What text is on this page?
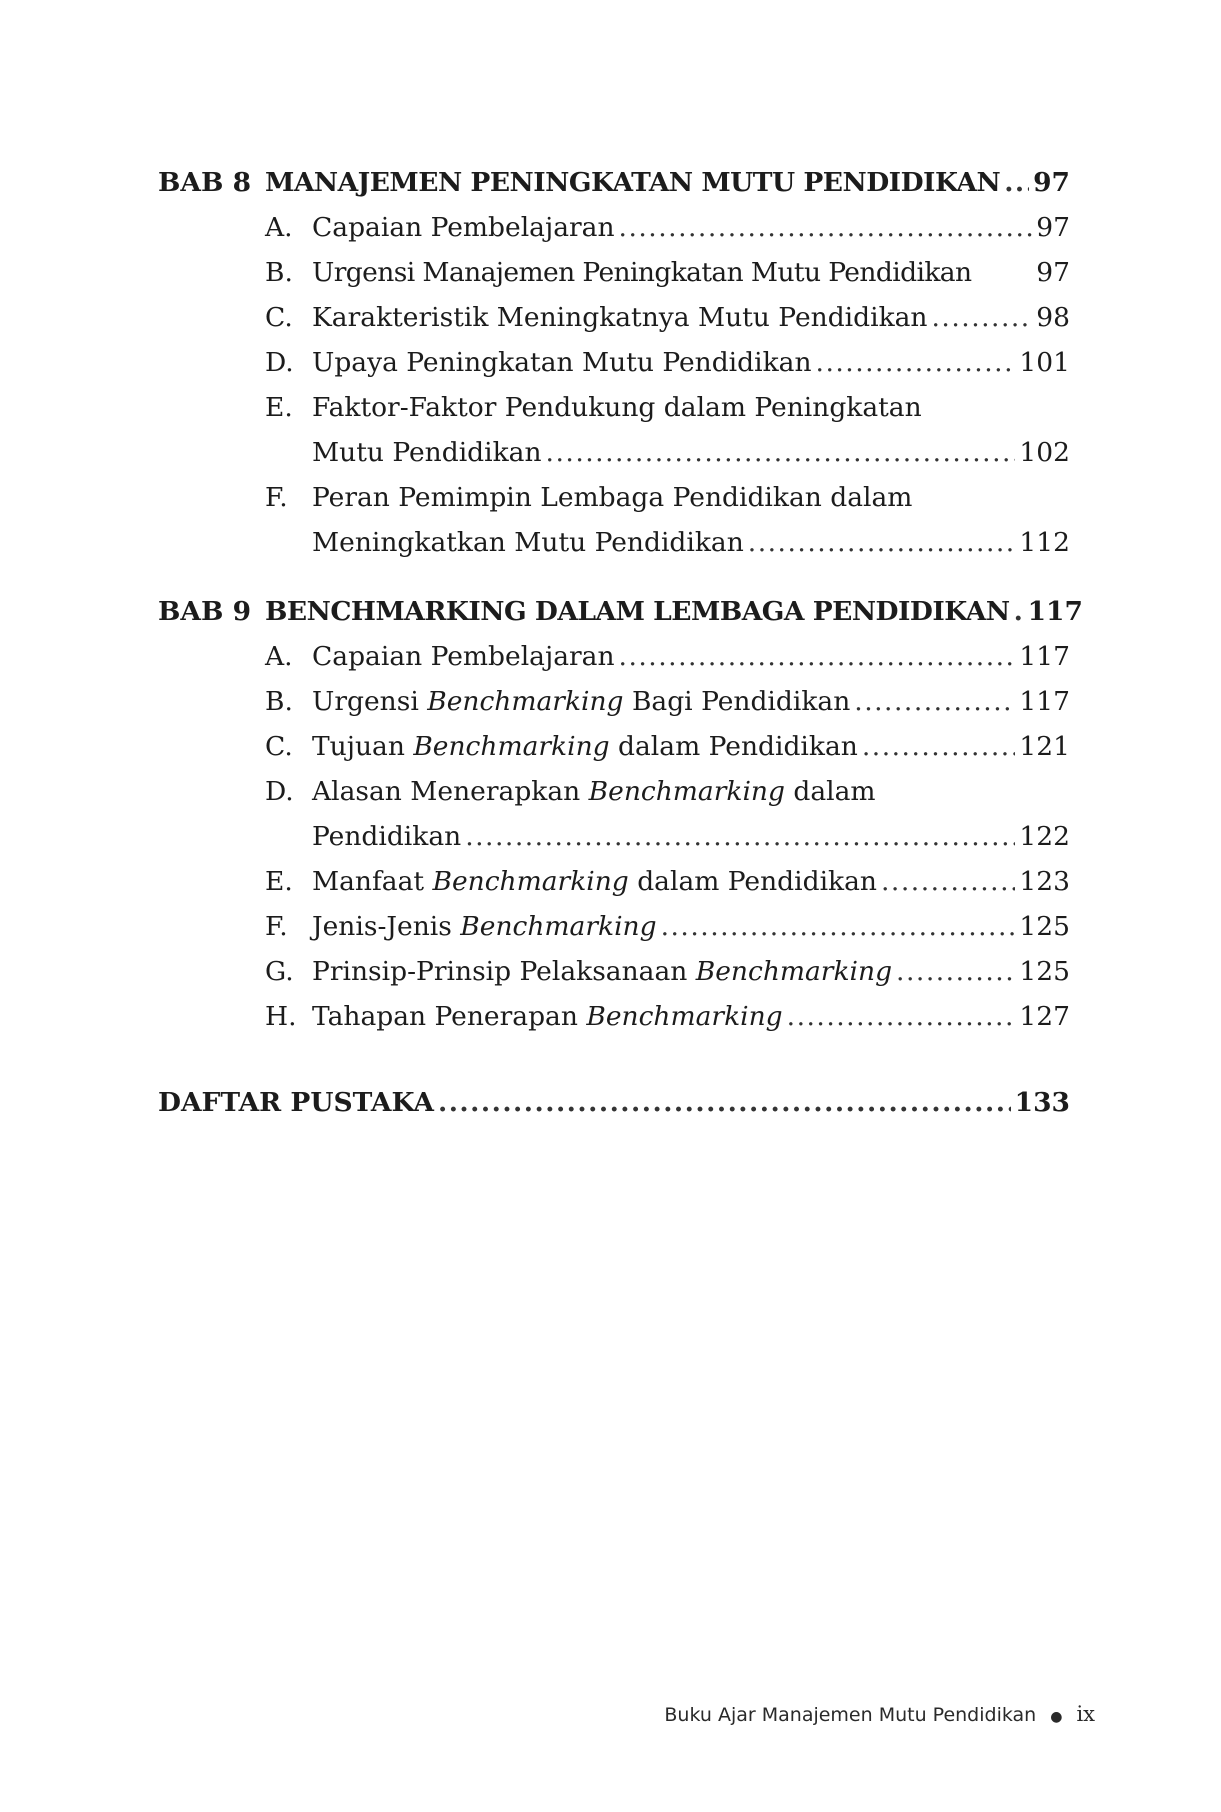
BAB 8 MANAJEMEN PENINGKATAN MUTU PENDIDIKAN ..... 97
A. Capaian Pembelajaran .....	97
B. Urgensi Manajemen Peningkatan Mutu Pendidikan 97
C. Karakteristik Meningkatnya Mutu Pendidikan .....	98
D. Upaya Peningkatan Mutu Pendidikan .....	101
E. Faktor-Faktor Pendukung dalam Peningkatan
Mutu Pendidikan .....	102
F. Peran Pemimpin Lembaga Pendidikan dalam
Meningkatkan Mutu Pendidikan .....	112
BAB 9 BENCHMARKING DALAM LEMBAGA PENDIDIKAN ..... 117
A. Capaian Pembelajaran .....	117
B. Urgensi Benchmarking Bagi Pendidikan .....	117
C. Tujuan Benchmarking dalam Pendidikan .....	121
D. Alasan Menerapkan Benchmarking dalam
Pendidikan .....	122
E. Manfaat Benchmarking dalam Pendidikan .....	123
F. Jenis-Jenis Benchmarking .....	125
G. Prinsip-Prinsip Pelaksanaan Benchmarking .....	125
H. Tahapan Penerapan Benchmarking .....	127
DAFTAR PUSTAKA .....	133
Buku Ajar Manajemen Mutu Pendidikan ● ix
